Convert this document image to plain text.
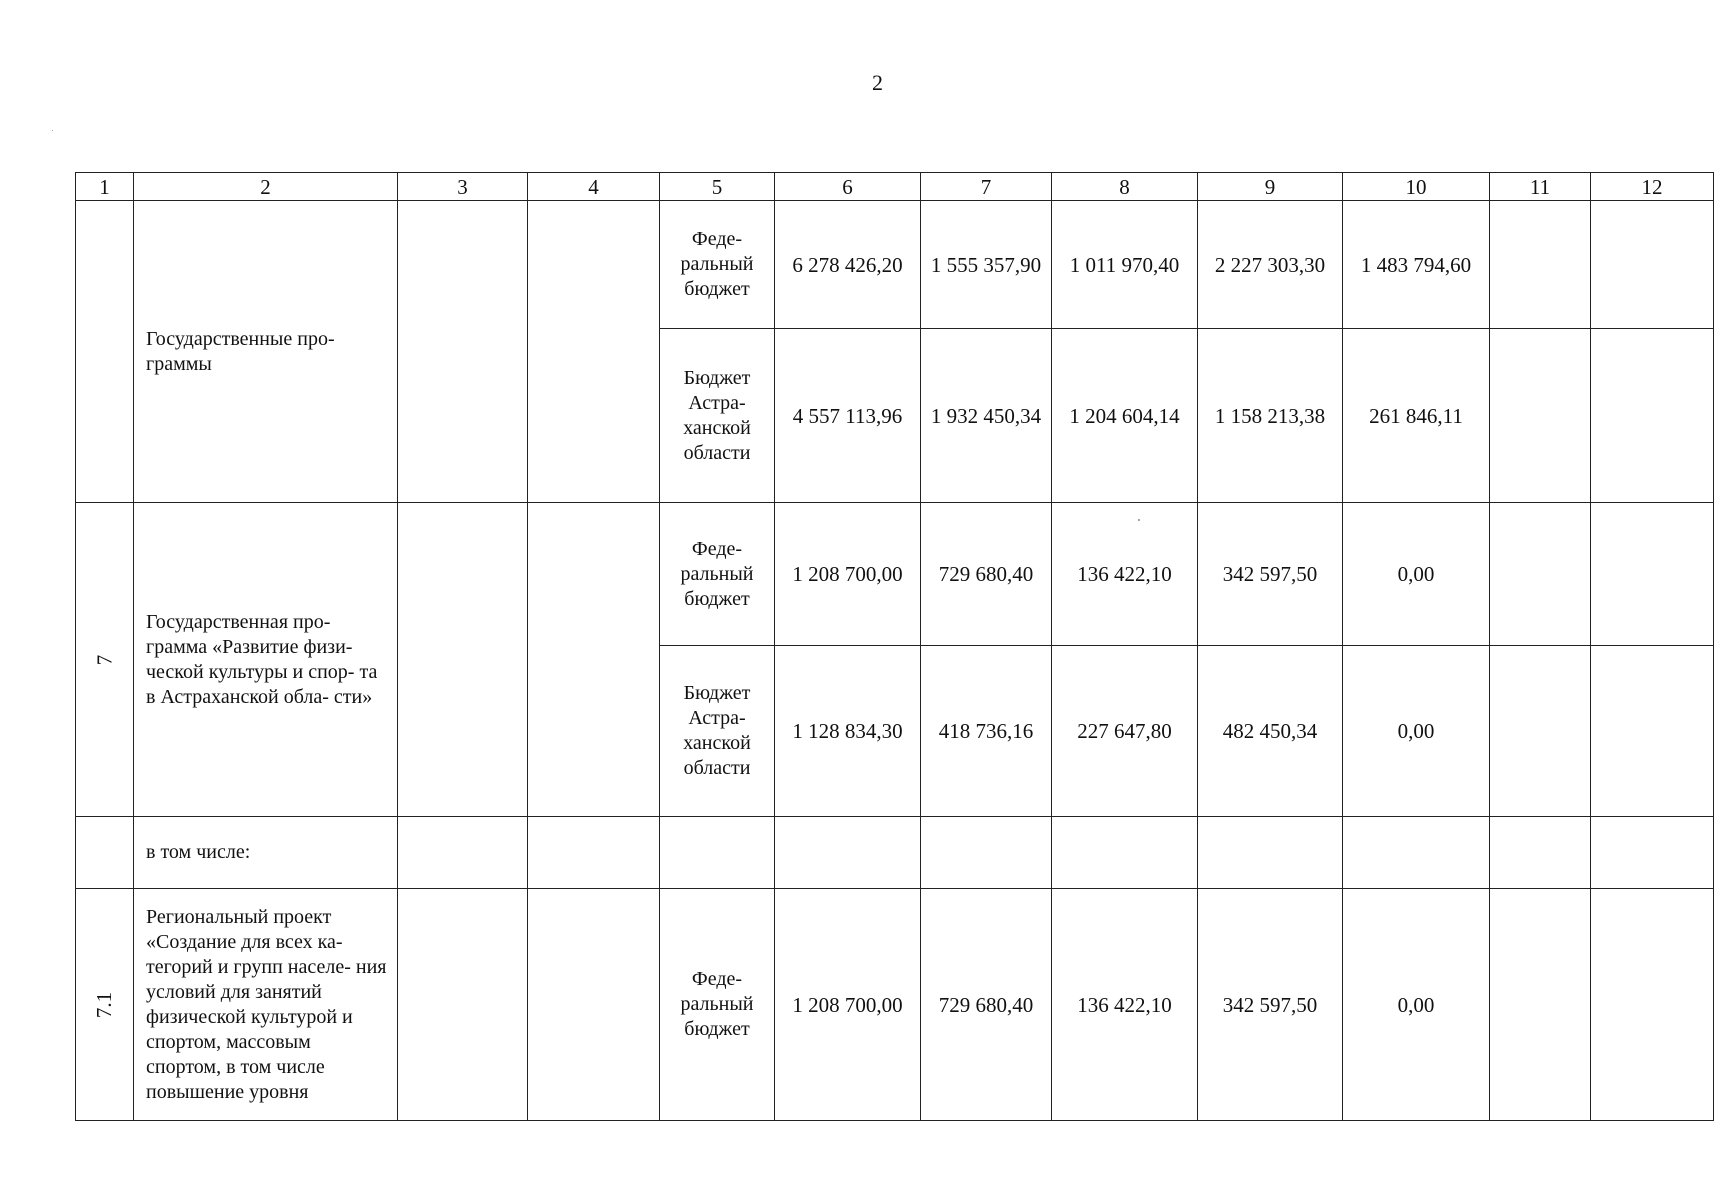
2
1	2	3	4	5	6	7	8	9	10	11	12
	Государственные про- граммы			Феде- ральный бюджет	6 278 426,20	1 555 357,90	1 011 970,40	2 227 303,30	1 483 794,60		
				Бюджет Астра- ханской области	4 557 113,96	1 932 450,34	1 204 604,14	1 158 213,38	261 846,11		
7	Государственная про- грамма «Развитие физи- ческой культуры и спор- та в Астраханской обла- сти»			Феде- ральный бюджет	1 208 700,00	729 680,40	136 422,10	342 597,50	0,00		
				Бюджет Астра- ханской области	1 128 834,30	418 736,16	227 647,80	482 450,34	0,00		
	в том числе:										
7.1	Региональный проект «Создание для всех ка- тегорий и групп населе- ния условий для занятий физической культурой и спортом, массовым спортом, в том числе повышение уровня			Феде- ральный бюджет	1 208 700,00	729 680,40	136 422,10	342 597,50	0,00		
